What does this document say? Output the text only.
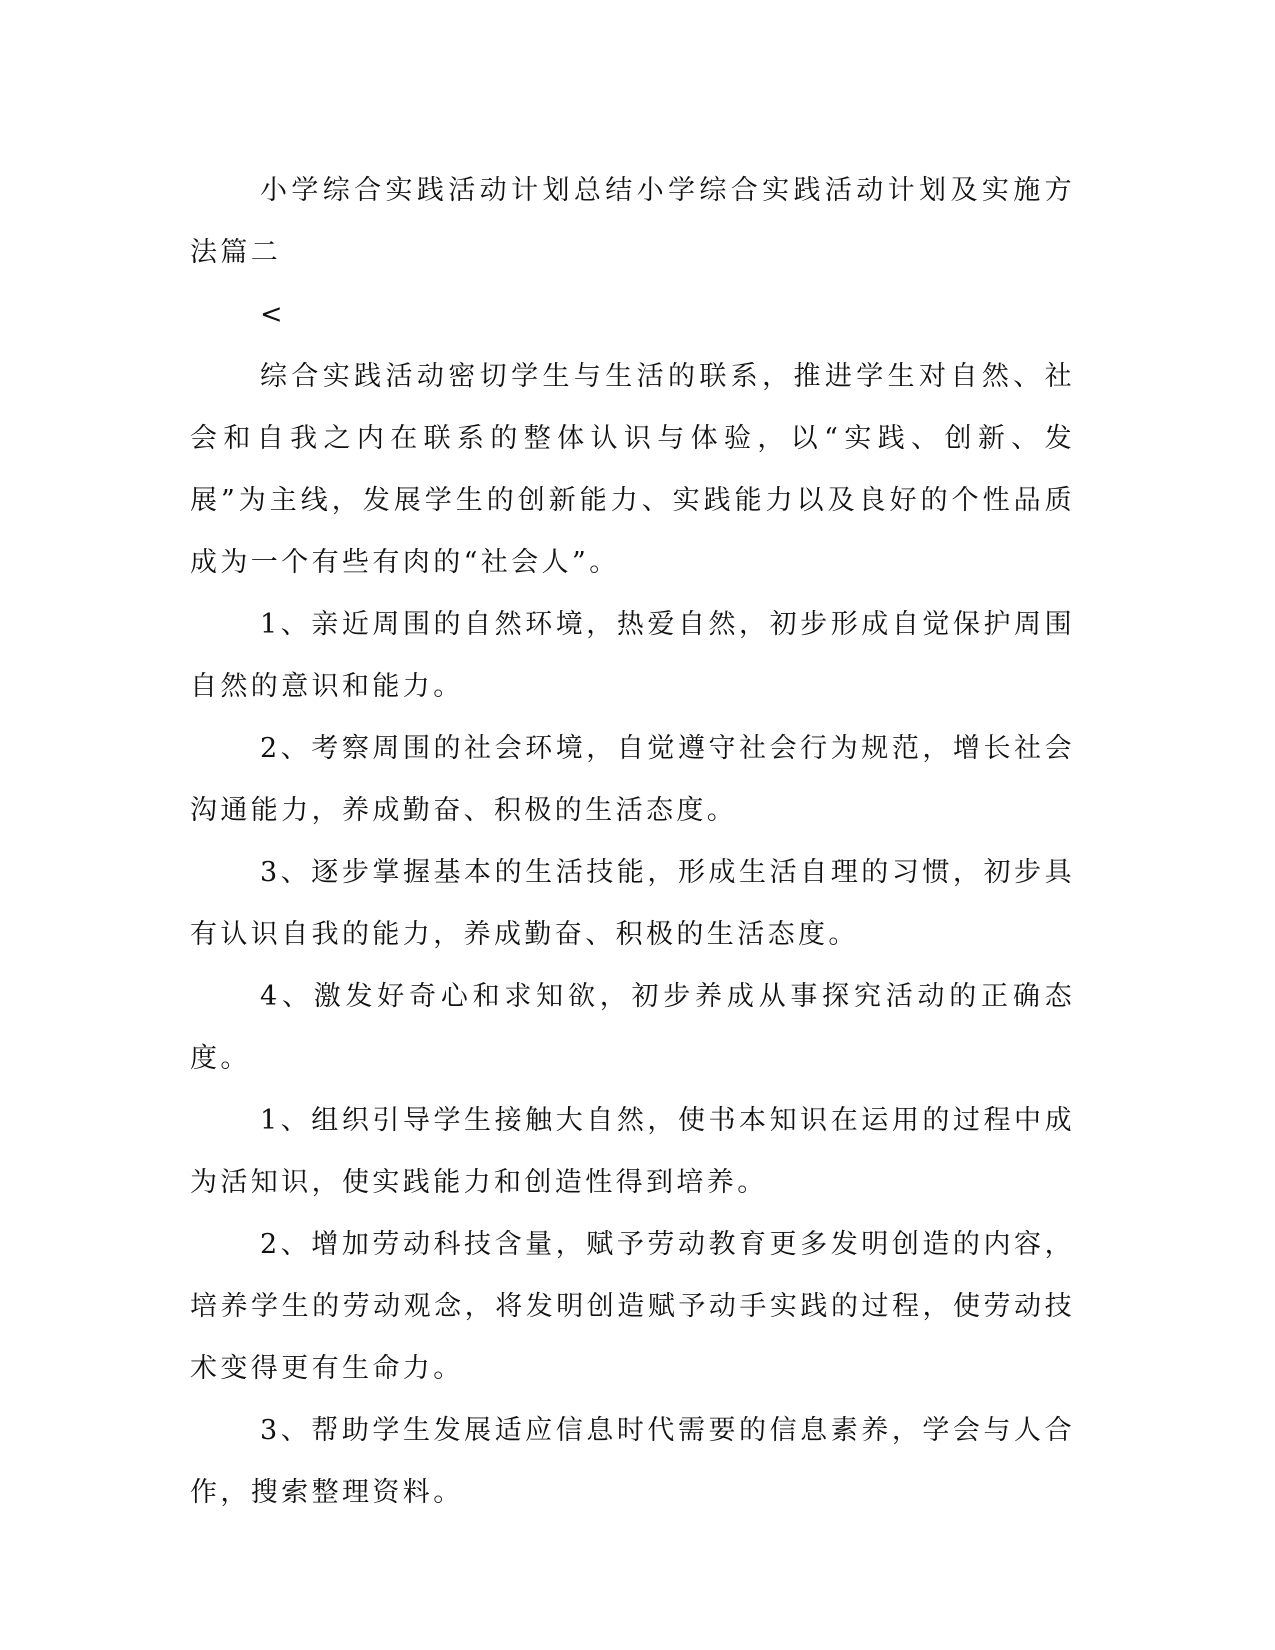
小学综合实践活动计划总结小学综合实践活动计划及实施方法篇二

<

综合实践活动密切学生与生活的联系，推进学生对自然、社会和自我之内在联系的整体认识与体验，以“实践、创新、发展”为主线，发展学生的创新能力、实践能力以及良好的个性品质成为一个有些有肉的“社会人”。

1、亲近周围的自然环境，热爱自然，初步形成自觉保护周围自然的意识和能力。

2、考察周围的社会环境，自觉遵守社会行为规范，增长社会沟通能力，养成勤奋、积极的生活态度。

3、逐步掌握基本的生活技能，形成生活自理的习惯，初步具有认识自我的能力，养成勤奋、积极的生活态度。

4、激发好奇心和求知欲，初步养成从事探究活动的正确态度。

1、组织引导学生接触大自然，使书本知识在运用的过程中成为活知识，使实践能力和创造性得到培养。

2、增加劳动科技含量，赋予劳动教育更多发明创造的内容，培养学生的劳动观念，将发明创造赋予动手实践的过程，使劳动技术变得更有生命力。

3、帮助学生发展适应信息时代需要的信息素养，学会与人合作，搜索整理资料。
